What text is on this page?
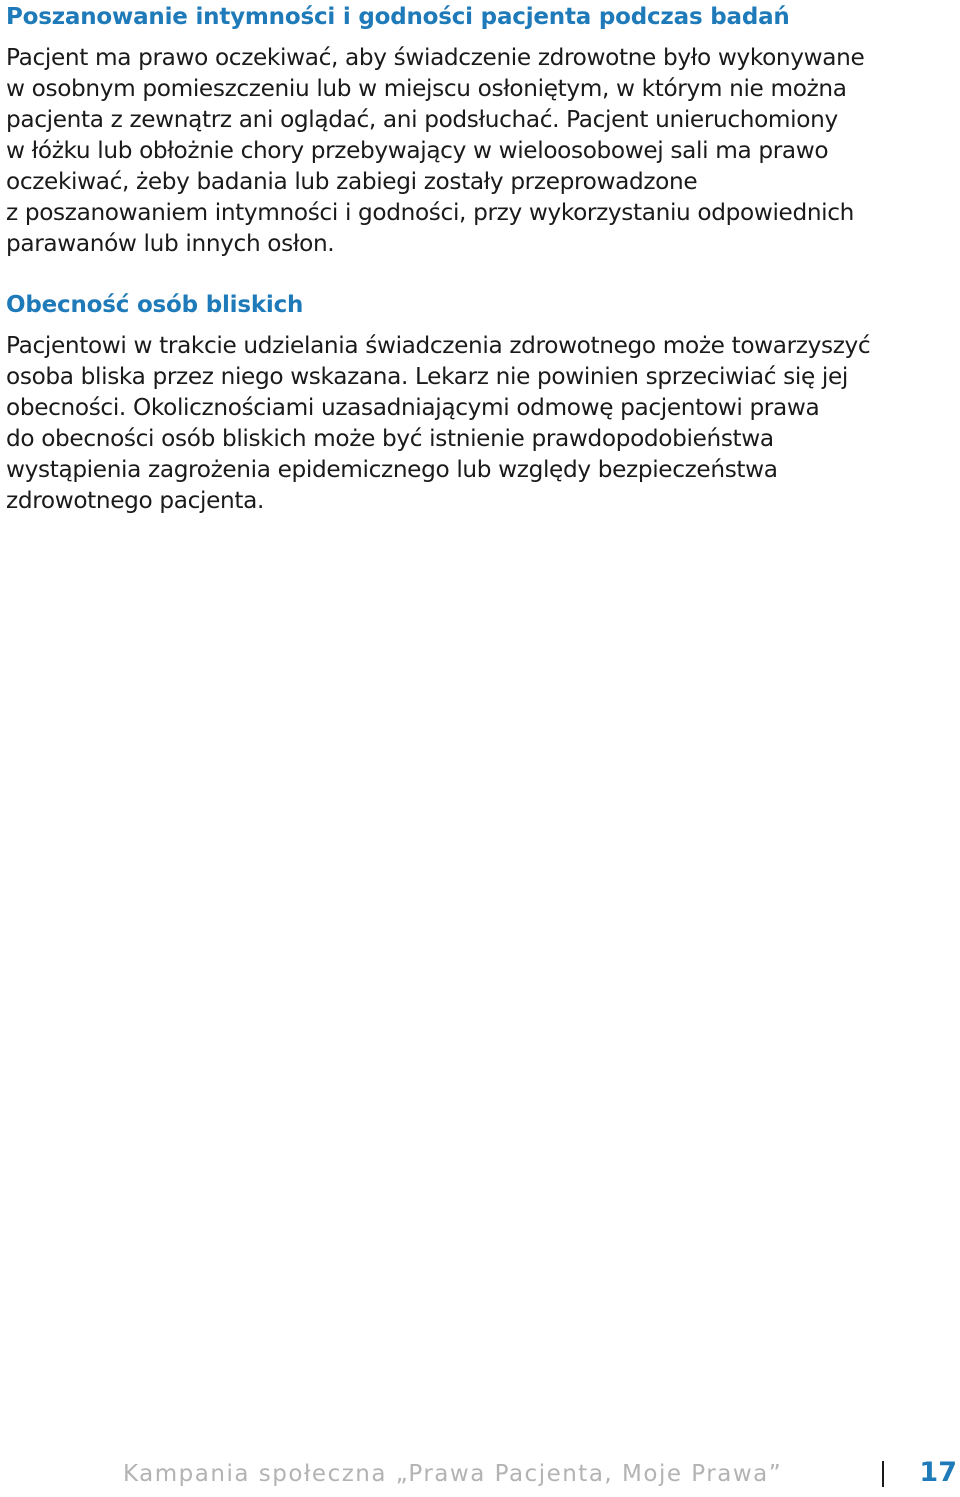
Poszanowanie intymności i godności pacjenta podczas badań
Pacjent ma prawo oczekiwać, aby świadczenie zdrowotne było wykonywane
w osobnym pomieszczeniu lub w miejscu osłoniętym, w którym nie można
pacjenta z zewnątrz ani oglądać, ani podsłuchać. Pacjent unieruchomiony
w łóżku lub obłożnie chory przebywający w wieloosobowej sali ma prawo
oczekiwać, żeby badania lub zabiegi zostały przeprowadzone
z poszanowaniem intymności i godności, przy wykorzystaniu odpowiednich
parawanów lub innych osłon.
Obecność osób bliskich
Pacjentowi w trakcie udzielania świadczenia zdrowotnego może towarzyszyć
osoba bliska przez niego wskazana. Lekarz nie powinien sprzeciwiać się jej
obecności. Okolicznościami uzasadniającymi odmowę pacjentowi prawa
do obecności osób bliskich może być istnienie prawdopodobieństwa
wystąpienia zagrożenia epidemicznego lub względy bezpieczeństwa
zdrowotnego pacjenta.
Kampania społeczna „Prawa Pacjenta, Moje Prawa”	17
